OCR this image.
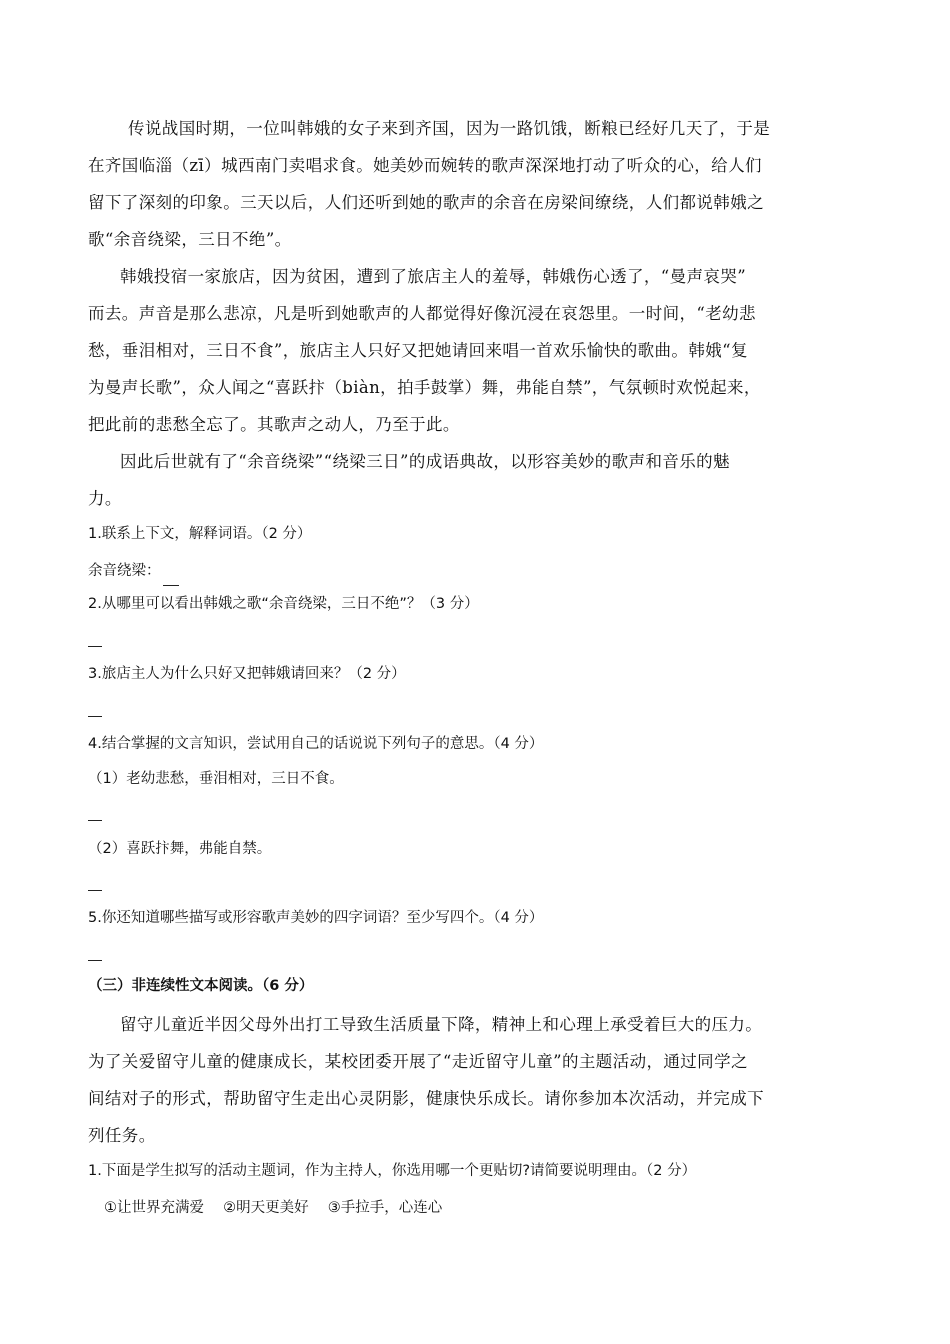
传说战国时期，一位叫韩娥的女子来到齐国，因为一路饥饿，断粮已经好几天了，于是
在齐国临淄（zī）城西南门卖唱求食。她美妙而婉转的歌声深深地打动了听众的心，给人们
留下了深刻的印象。三天以后，人们还听到她的歌声的余音在房梁间缭绕，人们都说韩娥之
歌“余音绕梁，三日不绝”。
韩娥投宿一家旅店，因为贫困，遭到了旅店主人的羞辱，韩娥伤心透了，“曼声哀哭”
而去。声音是那么悲凉，凡是听到她歌声的人都觉得好像沉浸在哀怨里。一时间，“老幼悲
愁，垂泪相对，三日不食”，旅店主人只好又把她请回来唱一首欢乐愉快的歌曲。韩娥“复
为曼声长歌”，众人闻之“喜跃抃（biàn，拍手鼓掌）舞，弗能自禁”，气氛顿时欢悦起来，
把此前的悲愁全忘了。其歌声之动人，乃至于此。
因此后世就有了“余音绕梁”“绕梁三日”的成语典故，以形容美妙的歌声和音乐的魅
力。
1.联系上下文，解释词语。（2 分）
余音绕梁：
2.从哪里可以看出韩娥之歌“余音绕梁，三日不绝”？（3 分）
3.旅店主人为什么只好又把韩娥请回来？（2 分）
4.结合掌握的文言知识，尝试用自己的话说说下列句子的意思。（4 分）
（1）老幼悲愁，垂泪相对，三日不食。
（2）喜跃抃舞，弗能自禁。
5.你还知道哪些描写或形容歌声美妙的四字词语？至少写四个。（4 分）
（三）非连续性文本阅读。（6 分）
留守儿童近半因父母外出打工导致生活质量下降，精神上和心理上承受着巨大的压力。
为了关爱留守儿童的健康成长，某校团委开展了“走近留守儿童”的主题活动，通过同学之
间结对子的形式，帮助留守生走出心灵阴影，健康快乐成长。请你参加本次活动，并完成下
列任务。
1.下面是学生拟写的活动主题词，作为主持人，你选用哪一个更贴切?请简要说明理由。（2 分）
①让世界充满爱　 ②明天更美好　 ③手拉手，心连心
